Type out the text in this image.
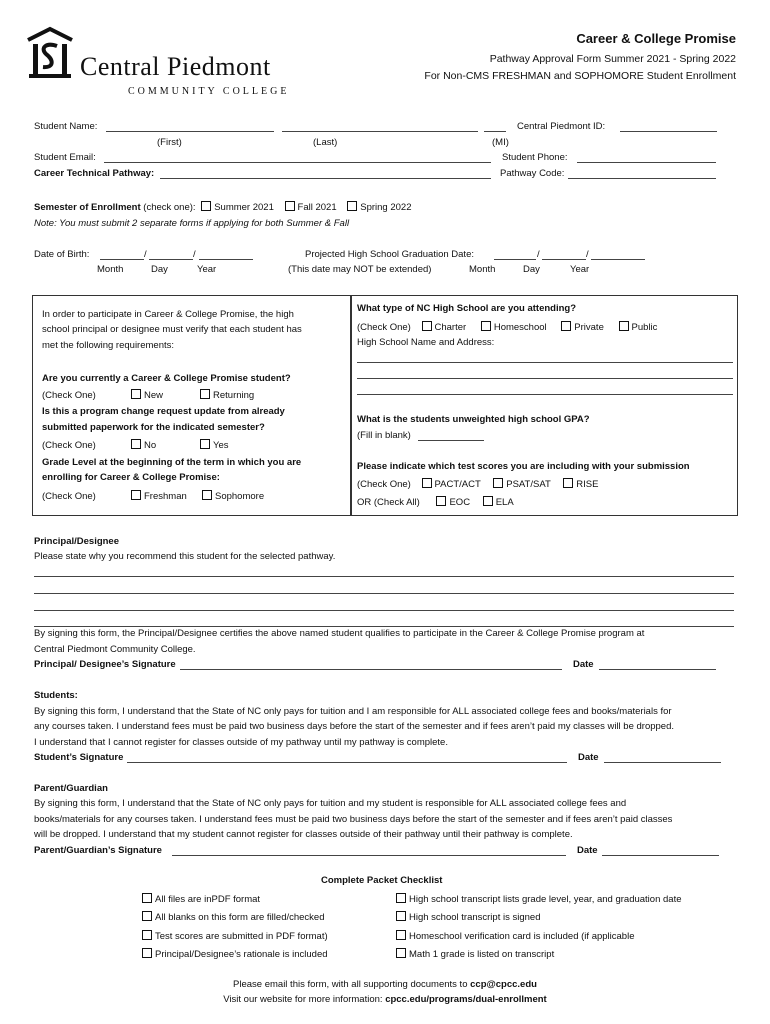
Central Piedmont
COMMUNITY COLLEGE
Career & College Promise
Pathway Approval Form Summer 2021 - Spring 2022
For Non-CMS FRESHMAN and SOPHOMORE Student Enrollment
Student Name:	Central Piedmont ID:
(First)	(Last)	(MI)
Student Email:	Student Phone:
Career Technical Pathway:	Pathway Code:
Semester of Enrollment (check one): Summer 2021 Fall 2021 Spring 2022
Note: You must submit 2 separate forms if applying for both Summer & Fall
Date of Birth:	/	/
Month	Day	Year
Projected High School Graduation Date:	/	/
(This date may NOT be extended)	Month	Day	Year
In order to participate in Career & College Promise, the high
school principal or designee must verify that each student has
met the following requirements:
Are you currently a Career & College Promise student?
(Check One)	New	Returning
Is this a program change request update from already
submitted paperwork for the indicated semester?
(Check One)	No	Yes
Grade Level at the beginning of the term in which you are
enrolling for Career & College Promise:
(Check One)	Freshman	Sophomore
What type of NC High School are you attending?
(Check One) Charter	Homeschool	Private	Public
High School Name and Address:
What is the students unweighted high school GPA?
(Fill in blank)
Please indicate which test scores you are including with your submission
(Check One) PACT/ACT	PSAT/SAT	RISE
OR (Check All)	EOC	ELA
Principal/Designee
Please state why you recommend this student for the selected pathway.
By signing this form, the Principal/Designee certifies the above named student qualifies to participate in the Career & College Promise program at
Central Piedmont Community College.
Principal/ Designee’s Signature	Date
Students:
By signing this form, I understand that the State of NC only pays for tuition and I am responsible for ALL associated college fees and books/materials for
any courses taken. I understand fees must be paid two business days before the start of the semester and if fees aren’t paid my classes will be dropped.
I understand that I cannot register for classes outside of my pathway until my pathway is complete.
Student’s Signature	Date
Parent/Guardian
By signing this form, I understand that the State of NC only pays for tuition and my student is responsible for ALL associated college fees and
books/materials for any courses taken. I understand fees must be paid two business days before the start of the semester and if fees aren’t paid classes
will be dropped. I understand that my student cannot register for classes outside of their pathway until their pathway is complete.
Parent/Guardian’s Signature	Date
Complete Packet Checklist
All files are inPDF format
All blanks on this form are filled/checked
Test scores are submitted in PDF format)
Principal/Designee’s rationale is included
High school transcript lists grade level, year, and graduation date
High school transcript is signed
Homeschool verification card is included (if applicable
Math 1 grade is listed on transcript
Please email this form, with all supporting documents to ccp@cpcc.edu
Visit our website for more information: cpcc.edu/programs/dual-enrollment
